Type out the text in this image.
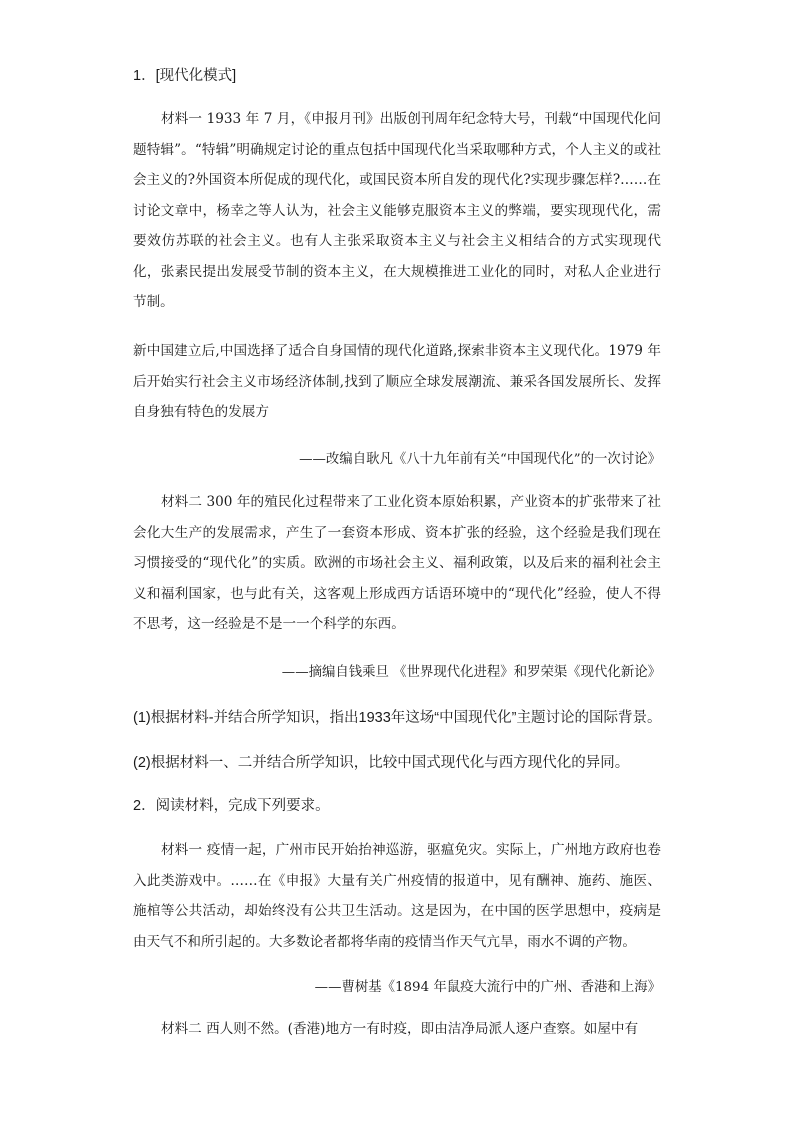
1．[现代化模式]

材料一 1933 年 7 月，《申报月刊》出版创刊周年纪念特大号，刊载“中国现代化问题特辑”。“特辑”明确规定讨论的重点包括中国现代化当采取哪种方式，个人主义的或社会主义的?外国资本所促成的现代化，或国民资本所自发的现代化?实现步骤怎样?……在讨论文章中，杨幸之等人认为，社会主义能够克服资本主义的弊端，要实现现代化，需要效仿苏联的社会主义。也有人主张采取资本主义与社会主义相结合的方式实现现代化，张素民提出发展受节制的资本主义，在大规模推进工业化的同时，对私人企业进行节制。

新中国建立后,中国选择了适合自身国情的现代化道路,探索非资本主义现代化。1979 年后开始实行社会主义市场经济体制,找到了顺应全球发展潮流、兼采各国发展所长、发挥自身独有特色的发展方

——改编自耿凡《八十九年前有关“中国现代化”的一次讨论》

材料二 300 年的殖民化过程带来了工业化资本原始积累，产业资本的扩张带来了社会化大生产的发展需求，产生了一套资本形成、资本扩张的经验，这个经验是我们现在习惯接受的“现代化”的实质。欧洲的市场社会主义、福利政策，以及后来的福利社会主义和福利国家，也与此有关，这客观上形成西方话语环境中的“现代化”经验，使人不得不思考，这一经验是不是一一个科学的东西。

——摘编自钱乘旦 《世界现代化进程》和罗荣渠《现代化新论》
(1)根据材料-并结合所学知识，指出1933年这场“中国现代化”主题讨论的国际背景。
(2)根据材料一、二并结合所学知识，比较中国式现代化与西方现代化的异同。
2．阅读材料，完成下列要求。

材料一 疫情一起，广州市民开始抬神巡游，驱瘟免灾。实际上，广州地方政府也卷入此类游戏中。……在《申报》大量有关广州疫情的报道中，见有酬神、施药、施医、施棺等公共活动，却始终没有公共卫生活动。这是因为，在中国的医学思想中，疫病是由天气不和所引起的。大多数论者都将华南的疫情当作天气亢旱，雨水不调的产物。

——曹树基《1894 年鼠疫大流行中的广州、香港和上海》

材料二 西人则不然。(香港)地方一有时疫，即由洁净局派人逐户查察。如屋中有
